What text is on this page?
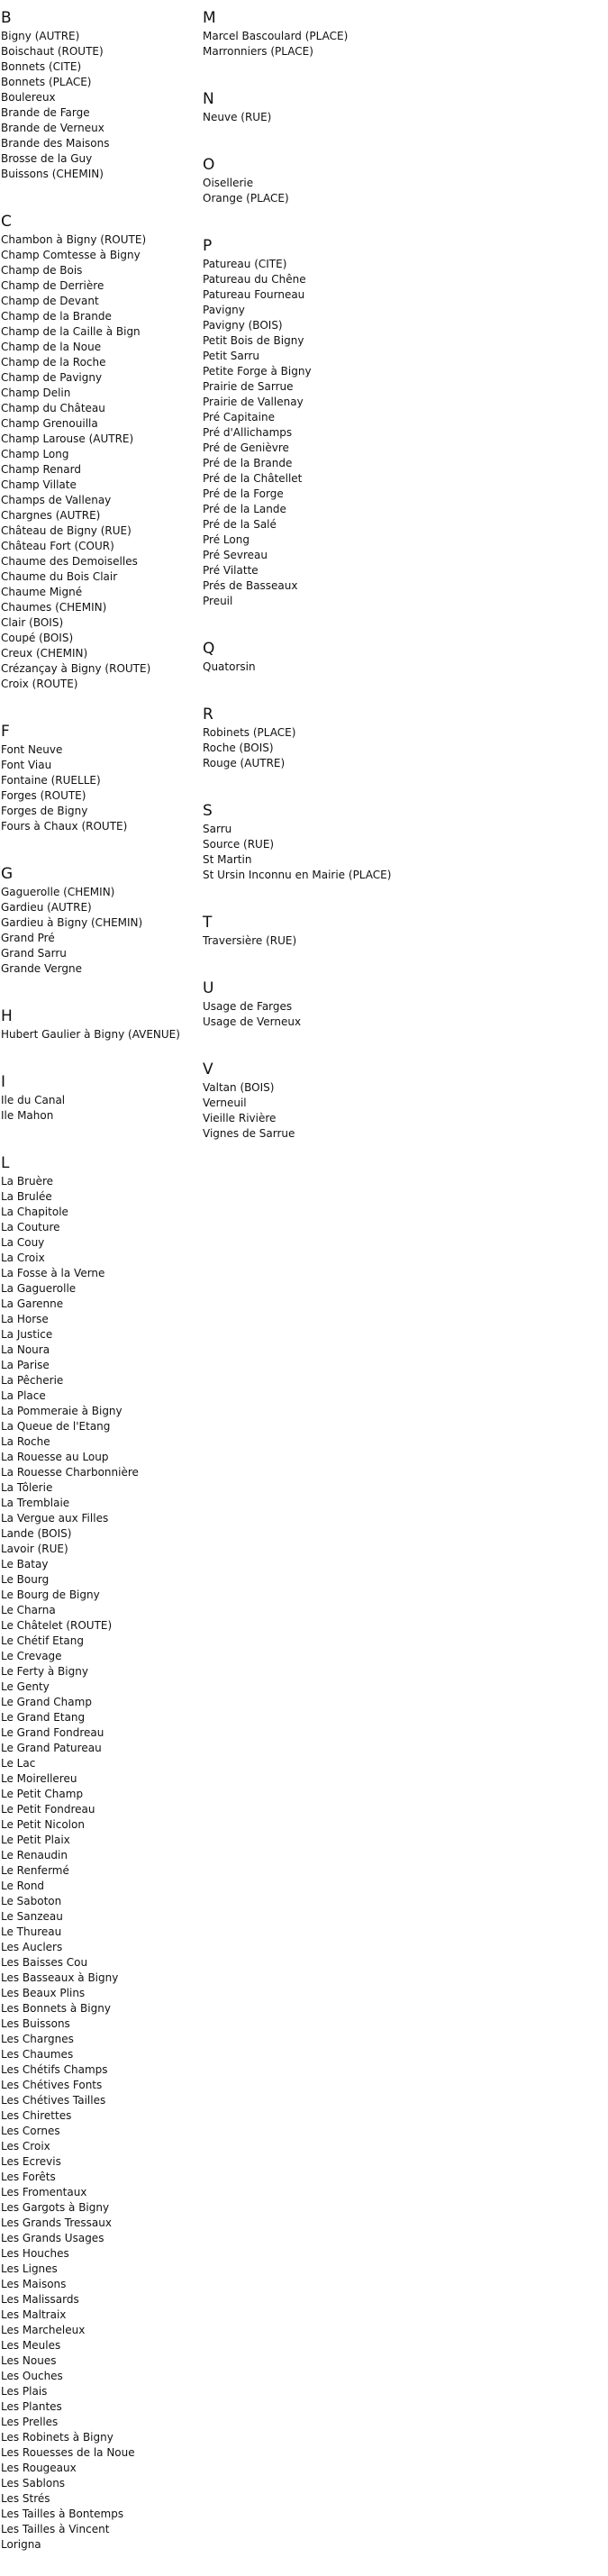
B
Bigny (AUTRE)
Boischaut (ROUTE)
Bonnets (CITE)
Bonnets (PLACE)
Boulereux
Brande de Farge
Brande de Verneux
Brande des Maisons
Brosse de la Guy
Buissons (CHEMIN)
C
Chambon à Bigny (ROUTE)
Champ Comtesse à Bigny
Champ de Bois
Champ de Derrière
Champ de Devant
Champ de la Brande
Champ de la Caille à Bign
Champ de la Noue
Champ de la Roche
Champ de Pavigny
Champ Delin
Champ du Château
Champ Grenouilla
Champ Larouse (AUTRE)
Champ Long
Champ Renard
Champ Villate
Champs de Vallenay
Chargnes (AUTRE)
Château de Bigny (RUE)
Château Fort (COUR)
Chaume des Demoiselles
Chaume du Bois Clair
Chaume Migné
Chaumes (CHEMIN)
Clair (BOIS)
Coupé (BOIS)
Creux (CHEMIN)
Crézançay à Bigny (ROUTE)
Croix (ROUTE)
F
Font Neuve
Font Viau
Fontaine (RUELLE)
Forges (ROUTE)
Forges de Bigny
Fours à Chaux (ROUTE)
G
Gaguerolle (CHEMIN)
Gardieu (AUTRE)
Gardieu à Bigny (CHEMIN)
Grand Pré
Grand Sarru
Grande Vergne
H
Hubert Gaulier à Bigny (AVENUE)
I
Ile du Canal
Ile Mahon
L
La Bruère
La Brulée
La Chapitole
La Couture
La Couy
La Croix
La Fosse à la Verne
La Gaguerolle
La Garenne
La Horse
La Justice
La Noura
La Parise
La Pêcherie
La Place
La Pommeraie à Bigny
La Queue de l'Etang
La Roche
La Rouesse au Loup
La Rouesse Charbonnière
La Tôlerie
La Tremblaie
La Vergue aux Filles
Lande (BOIS)
Lavoir (RUE)
Le Batay
Le Bourg
Le Bourg de Bigny
Le Charna
Le Châtelet (ROUTE)
Le Chétif Etang
Le Crevage
Le Ferty à Bigny
Le Genty
Le Grand Champ
Le Grand Etang
Le Grand Fondreau
Le Grand Patureau
Le Lac
Le Moirellereu
Le Petit Champ
Le Petit Fondreau
Le Petit Nicolon
Le Petit Plaix
Le Renaudin
Le Renfermé
Le Rond
Le Saboton
Le Sanzeau
Le Thureau
Les Auclers
Les Baisses Cou
Les Basseaux à Bigny
Les Beaux Plins
Les Bonnets à Bigny
Les Buissons
Les Chargnes
Les Chaumes
Les Chétifs Champs
Les Chétives Fonts
Les Chétives Tailles
Les Chirettes
Les Cornes
Les Croix
Les Ecrevis
Les Forêts
Les Fromentaux
Les Gargots à Bigny
Les Grands Tressaux
Les Grands Usages
Les Houches
Les Lignes
Les Maisons
Les Malissards
Les Maltraix
Les Marcheleux
Les Meules
Les Noues
Les Ouches
Les Plais
Les Plantes
Les Prelles
Les Robinets à Bigny
Les Rouesses de la Noue
Les Rougeaux
Les Sablons
Les Strés
Les Tailles à Bontemps
Les Tailles à Vincent
Lorigna
M
Marcel Bascoulard (PLACE)
Marronniers (PLACE)
N
Neuve (RUE)
O
Oisellerie
Orange (PLACE)
P
Patureau (CITE)
Patureau du Chêne
Patureau Fourneau
Pavigny
Pavigny (BOIS)
Petit Bois de Bigny
Petit Sarru
Petite Forge à Bigny
Prairie de Sarrue
Prairie de Vallenay
Pré Capitaine
Pré d'Allichamps
Pré de Genièvre
Pré de la Brande
Pré de la Châtellet
Pré de la Forge
Pré de la Lande
Pré de la Salé
Pré Long
Pré Sevreau
Pré Vilatte
Prés de Basseaux
Preuil
Q
Quatorsin
R
Robinets (PLACE)
Roche (BOIS)
Rouge (AUTRE)
S
Sarru
Source (RUE)
St Martin
St Ursin Inconnu en Mairie (PLACE)
T
Traversière (RUE)
U
Usage de Farges
Usage de Verneux
V
Valtan (BOIS)
Verneuil
Vieille Rivière
Vignes de Sarrue
